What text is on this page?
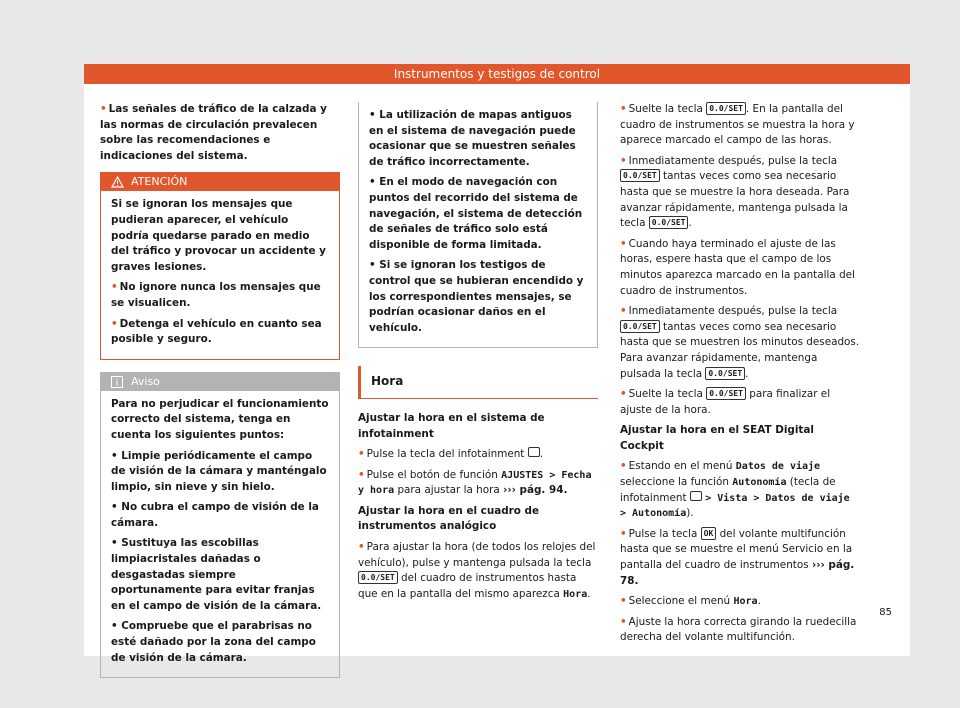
Instrumentos y testigos de control

• Las señales de tráfico de la calzada y las normas de circulación prevalecen sobre las recomendaciones e indicaciones del sistema.

ATENCIÓN

Si se ignoran los mensajes que pudieran aparecer, el vehículo podría quedarse parado en medio del tráfico y provocar un accidente y graves lesiones.

• No ignore nunca los mensajes que se visualicen.

• Detenga el vehículo en cuanto sea posible y seguro.

Aviso

Para no perjudicar el funcionamiento correcto del sistema, tenga en cuenta los siguientes puntos:

• Limpie periódicamente el campo de visión de la cámara y manténgalo limpio, sin nieve y sin hielo.

• No cubra el campo de visión de la cámara.

• Sustituya las escobillas limpiacristales dañadas o desgastadas siempre oportunamente para evitar franjas en el campo de visión de la cámara.

• Compruebe que el parabrisas no esté dañado por la zona del campo de visión de la cámara.

• La utilización de mapas antiguos en el sistema de navegación puede ocasionar que se muestren señales de tráfico incorrectamente.

• En el modo de navegación con puntos del recorrido del sistema de navegación, el sistema de detección de señales de tráfico solo está disponible de forma limitada.

• Si se ignoran los testigos de control que se hubieran encendido y los correspondientes mensajes, se podrían ocasionar daños en el vehículo.

Hora

Ajustar la hora en el sistema de infotainment

• Pulse la tecla del infotainment .

• Pulse el botón de función AJUSTES > Fecha y hora para ajustar la hora ››› pág. 94.

Ajustar la hora en el cuadro de instrumentos analógico

• Para ajustar la hora (de todos los relojes del vehículo), pulse y mantenga pulsada la tecla 0.0/SET del cuadro de instrumentos hasta que en la pantalla del mismo aparezca Hora.

• Suelte la tecla 0.0/SET . En la pantalla del cuadro de instrumentos se muestra la hora y aparece marcado el campo de las horas.

• Inmediatamente después, pulse la tecla 0.0/SET tantas veces como sea necesario hasta que se muestre la hora deseada. Para avanzar rápidamente, mantenga pulsada la tecla 0.0/SET .

• Cuando haya terminado el ajuste de las horas, espere hasta que el campo de los minutos aparezca marcado en la pantalla del cuadro de instrumentos.

• Inmediatamente después, pulse la tecla 0.0/SET tantas veces como sea necesario hasta que se muestren los minutos deseados. Para avanzar rápidamente, mantenga pulsada la tecla 0.0/SET .

• Suelte la tecla 0.0/SET para finalizar el ajuste de la hora.

Ajustar la hora en el SEAT Digital Cockpit

• Estando en el menú Datos de viaje seleccione la función Autonomía (tecla de infotainment > Vista > Datos de viaje > Autonomía).

• Pulse la tecla OK del volante multifunción hasta que se muestre el menú Servicio en la pantalla del cuadro de instrumentos ››› pág. 78.

• Seleccione el menú Hora.

• Ajuste la hora correcta girando la ruedecilla derecha del volante multifunción.

85
